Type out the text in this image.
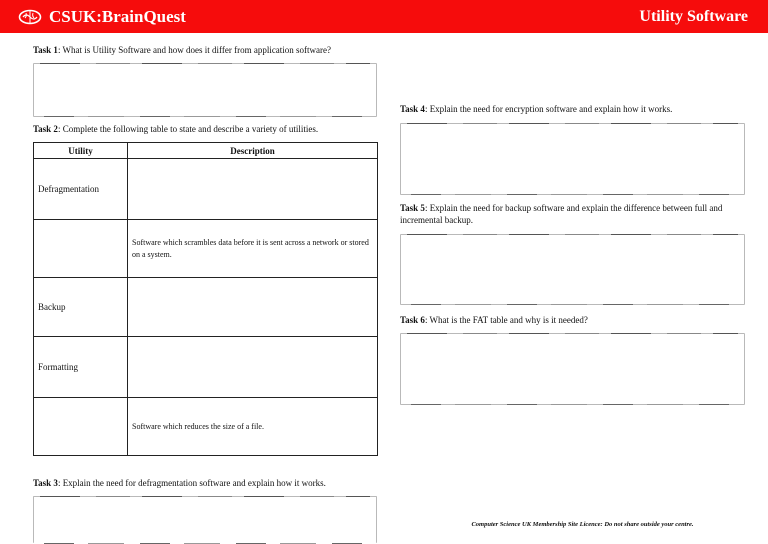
CSUK:BrainQuest	Utility Software
Task 1: What is Utility Software and how does it differ from application software?
Task 2: Complete the following table to state and describe a variety of utilities.
Utility	Description
Defragmentation	
	Software which scrambles data before it is sent across a network or stored on a system.
Backup	
Formatting	
	Software which reduces the size of a file.
Task 3: Explain the need for defragmentation software and explain how it works.
Task 4: Explain the need for encryption software and explain how it works.
Task 5: Explain the need for backup software and explain the difference between full and incremental backup.
Task 6: What is the FAT table and why is it needed?
Computer Science UK Membership Site Licence: Do not share outside your centre.
